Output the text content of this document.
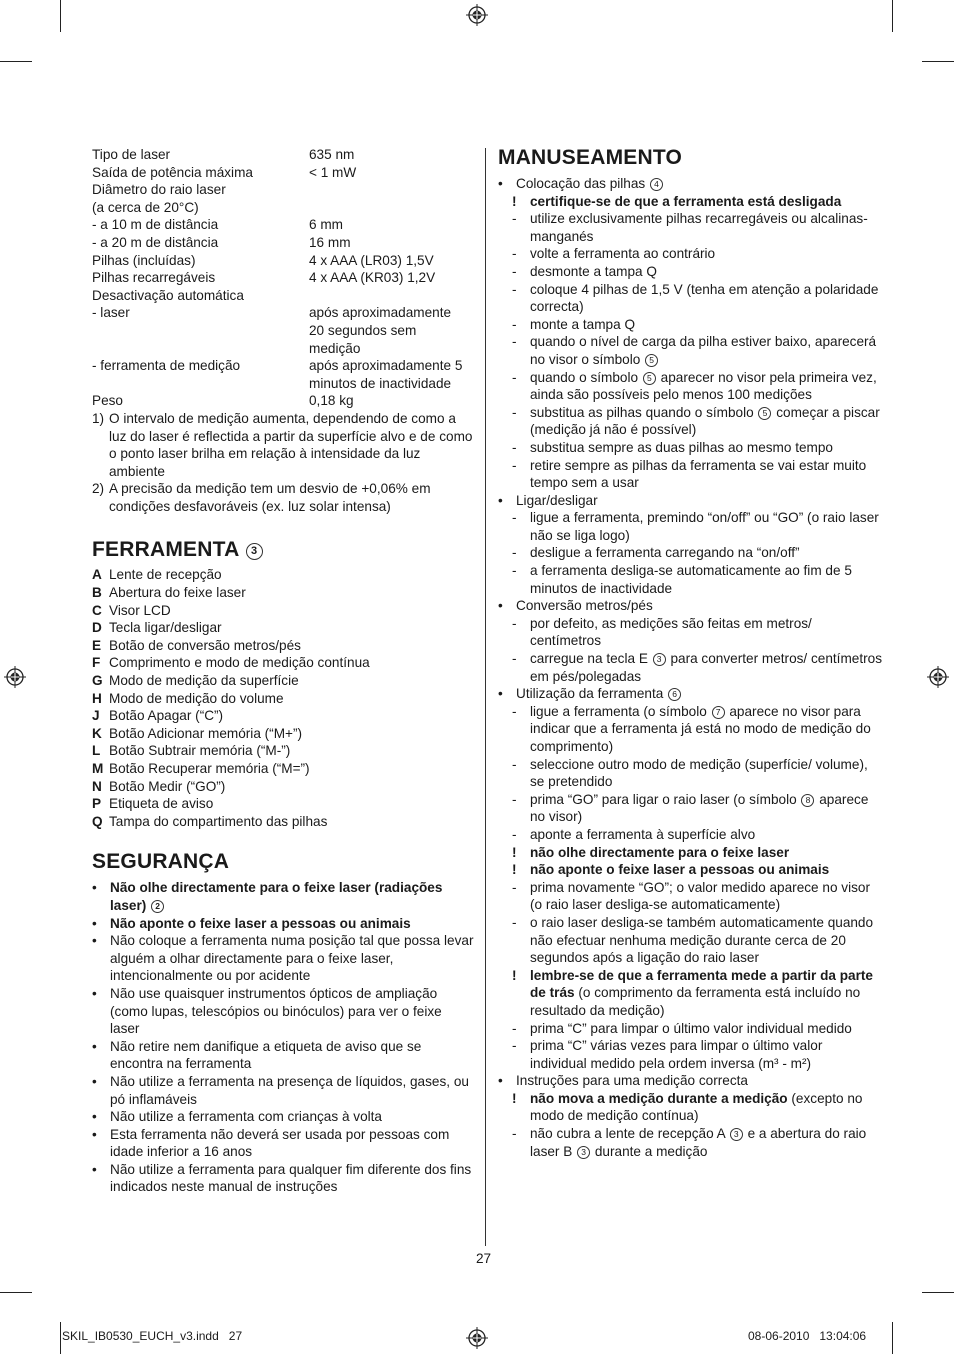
Tipo de laser	635 nm
Saída de potência máxima	< 1 mW
Diâmetro do raio laser
(a cerca de 20°C)
- a 10 m de distância	6 mm
- a 20 m de distância	16 mm
Pilhas (incluídas)	4 x AAA (LR03) 1,5V
Pilhas recarregáveis	4 x AAA (KR03) 1,2V
Desactivação automática
- laser	após aproximadamente 20 segundos sem medição
- ferramenta de medição	após aproximadamente 5 minutos de inactividade
Peso	0,18 kg
1) O intervalo de medição aumenta, dependendo de como a luz do laser é reflectida a partir da superfície alvo e de como o ponto laser brilha em relação à intensidade da luz ambiente
2) A precisão da medição tem um desvio de +0,06% em condições desfavoráveis (ex. luz solar intensa)
FERRAMENTA 3
A Lente de recepção
B Abertura do feixe laser
C Visor LCD
D Tecla ligar/desligar
E Botão de conversão metros/pés
F Comprimento e modo de medição contínua
G Modo de medição da superfície
H Modo de medição do volume
J Botão Apagar (“C”)
K Botão Adicionar memória (“M+”)
L Botão Subtrair memória (“M-”)
M Botão Recuperar memória (“M=”)
N Botão Medir (“GO”)
P Etiqueta de aviso
Q Tampa do compartimento das pilhas
SEGURANÇA
• Não olhe directamente para o feixe laser (radiações laser) 2
• Não aponte o feixe laser a pessoas ou animais
• Não coloque a ferramenta numa posição tal que possa levar alguém a olhar directamente para o feixe laser, intencionalmente ou por acidente
• Não use quaisquer instrumentos ópticos de ampliação (como lupas, telescópios ou binóculos) para ver o feixe laser
• Não retire nem danifique a etiqueta de aviso que se encontra na ferramenta
• Não utilize a ferramenta na presença de líquidos, gases, ou pó inflamáveis
• Não utilize a ferramenta com crianças à volta
• Esta ferramenta não deverá ser usada por pessoas com idade inferior a 16 anos
• Não utilize a ferramenta para qualquer fim diferente dos fins indicados neste manual de instruções
MANUSEAMENTO
• Colocação das pilhas 4
! certifique-se de que a ferramenta está desligada
- utilize exclusivamente pilhas recarregáveis ou alcalinas-manganés
- volte a ferramenta ao contrário
- desmonte a tampa Q
- coloque 4 pilhas de 1,5 V (tenha em atenção a polaridade correcta)
- monte a tampa Q
- quando o nível de carga da pilha estiver baixo, aparecerá no visor o símbolo 5
- quando o símbolo 5 aparecer no visor pela primeira vez, ainda são possíveis pelo menos 100 medições
- substitua as pilhas quando o símbolo 5 começar a piscar (medição já não é possível)
- substitua sempre as duas pilhas ao mesmo tempo
- retire sempre as pilhas da ferramenta se vai estar muito tempo sem a usar
• Ligar/desligar
- ligue a ferramenta, premindo “on/off” ou “GO” (o raio laser não se liga logo)
- desligue a ferramenta carregando na “on/off”
- a ferramenta desliga-se automaticamente ao fim de 5 minutos de inactividade
• Conversão metros/pés
- por defeito, as medições são feitas em metros/ centímetros
- carregue na tecla E 3 para converter metros/ centímetros em pés/polegadas
• Utilização da ferramenta 6
- ligue a ferramenta (o símbolo 7 aparece no visor para indicar que a ferramenta já está no modo de medição do comprimento)
- seleccione outro modo de medição (superfície/ volume), se pretendido
- prima “GO” para ligar o raio laser (o símbolo 8 aparece no visor)
- aponte a ferramenta à superfície alvo
! não olhe directamente para o feixe laser
! não aponte o feixe laser a pessoas ou animais
- prima novamente “GO”; o valor medido aparece no visor (o raio laser desliga-se automaticamente)
- o raio laser desliga-se também automaticamente quando não efectuar nenhuma medição durante cerca de 20 segundos após a ligação do raio laser
! lembre-se de que a ferramenta mede a partir da parte de trás (o comprimento da ferramenta está incluído no resultado da medição)
- prima “C” para limpar o último valor individual medido
- prima “C” várias vezes para limpar o último valor individual medido pela ordem inversa (m³ - m²)
• Instruções para uma medição correcta
! não mova a medição durante a medição (excepto no modo de medição contínua)
- não cubra a lente de recepção A 3 e a abertura do raio laser B 3 durante a medição
27
SKIL_IB0530_EUCH_v3.indd   27	08-06-2010   13:04:06
